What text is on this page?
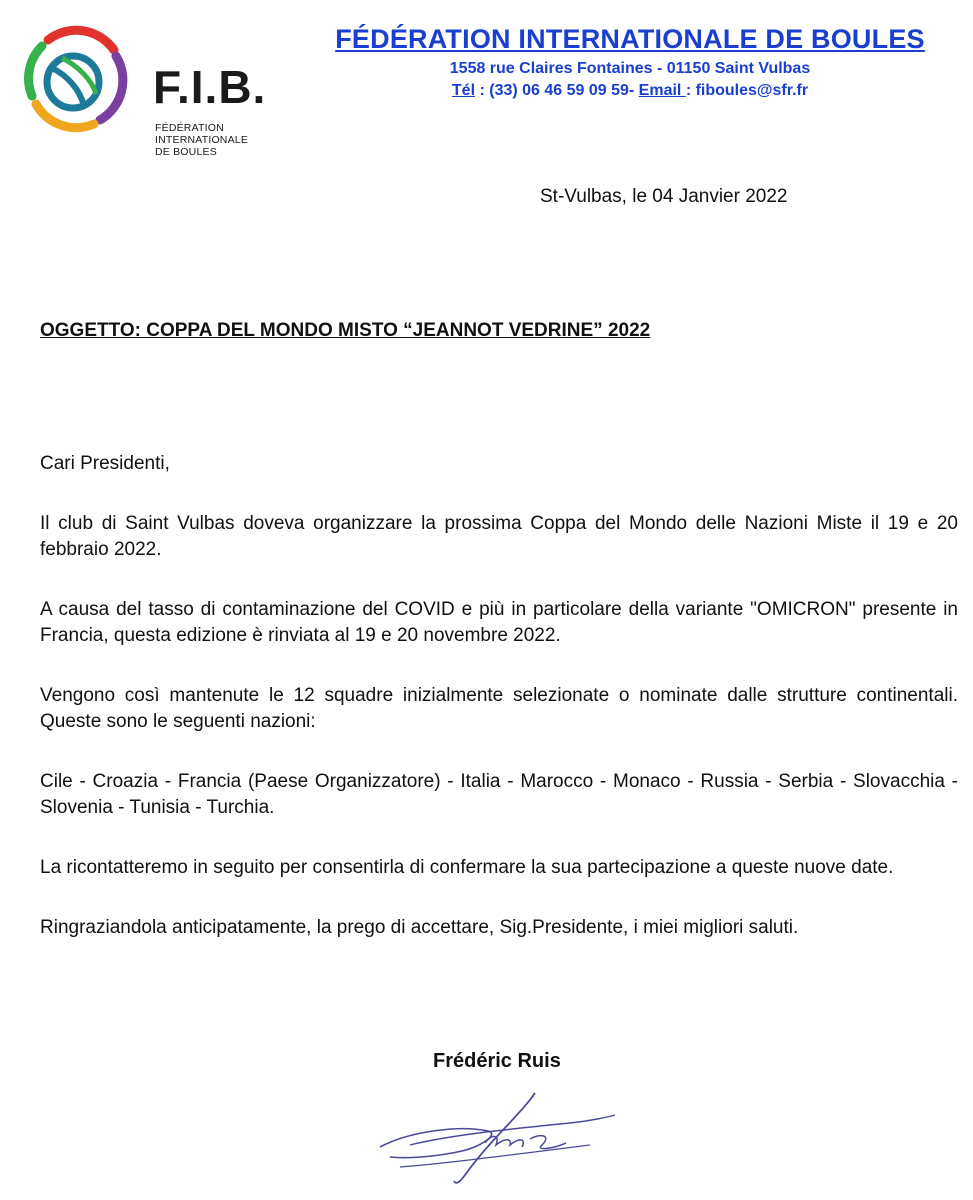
F.I.B.
FÉDÉRATION INTERNATIONALE
DE BOULES
FÉDÉRATION INTERNATIONALE DE BOULES
1558 rue Claires Fontaines - 01150 Saint Vulbas
Tél : (33) 06 46 59 09 59- Email : fiboules@sfr.fr
St-Vulbas, le 04 Janvier 2022
OGGETTO: COPPA DEL MONDO MISTO “JEANNOT VEDRINE” 2022

Cari Presidenti,

Il club di Saint Vulbas doveva organizzare la prossima Coppa del Mondo delle Nazioni Miste il 19 e 20 febbraio 2022.

A causa del tasso di contaminazione del COVID e più in particolare della variante "OMICRON" presente in Francia, questa edizione è rinviata al 19 e 20 novembre 2022.

Vengono così mantenute le 12 squadre inizialmente selezionate o nominate dalle strutture continentali. Queste sono le seguenti nazioni:

Cile - Croazia - Francia (Paese Organizzatore) - Italia - Marocco - Monaco - Russia - Serbia - Slovacchia - Slovenia - Tunisia - Turchia.

La ricontatteremo in seguito per consentirla di confermare la sua partecipazione a queste nuove date.

Ringraziandola anticipatamente, la prego di accettare, Sig.Presidente, i miei migliori saluti.

Frédéric Ruis
